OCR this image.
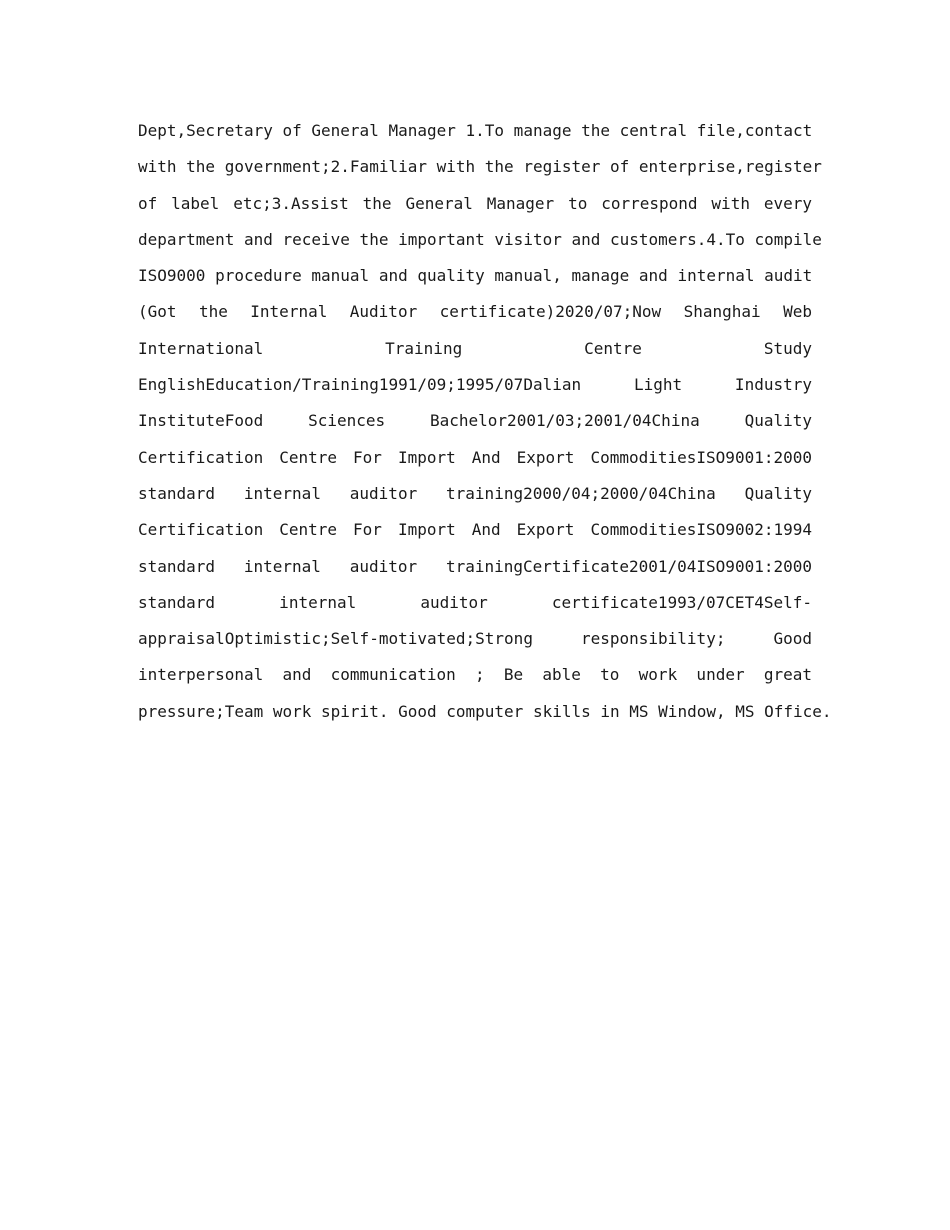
Dept,Secretary of General Manager 1.To manage the central file,contact
with the government;2.Familiar with the register of enterprise,register
of label etc;3.Assist the General Manager to correspond with every
department and receive the important visitor and customers.4.To compile
ISO9000 procedure manual and quality manual, manage and internal audit
(Got the Internal Auditor certificate)2020/07;Now Shanghai Web
International Training Centre Study
EnglishEducation/Training1991/09;1995/07Dalian Light Industry
InstituteFood Sciences Bachelor2001/03;2001/04China Quality
Certification Centre For Import And Export CommoditiesISO9001:2000
standard internal auditor training2000/04;2000/04China Quality
Certification Centre For Import And Export CommoditiesISO9002:1994
standard internal auditor trainingCertificate2001/04ISO9001:2000
standard internal auditor certificate1993/07CET4Self-
appraisalOptimistic;Self-motivated;Strong responsibility; Good
interpersonal and communication ; Be able to work under great
pressure;Team work spirit. Good computer skills in MS Window, MS Office.
